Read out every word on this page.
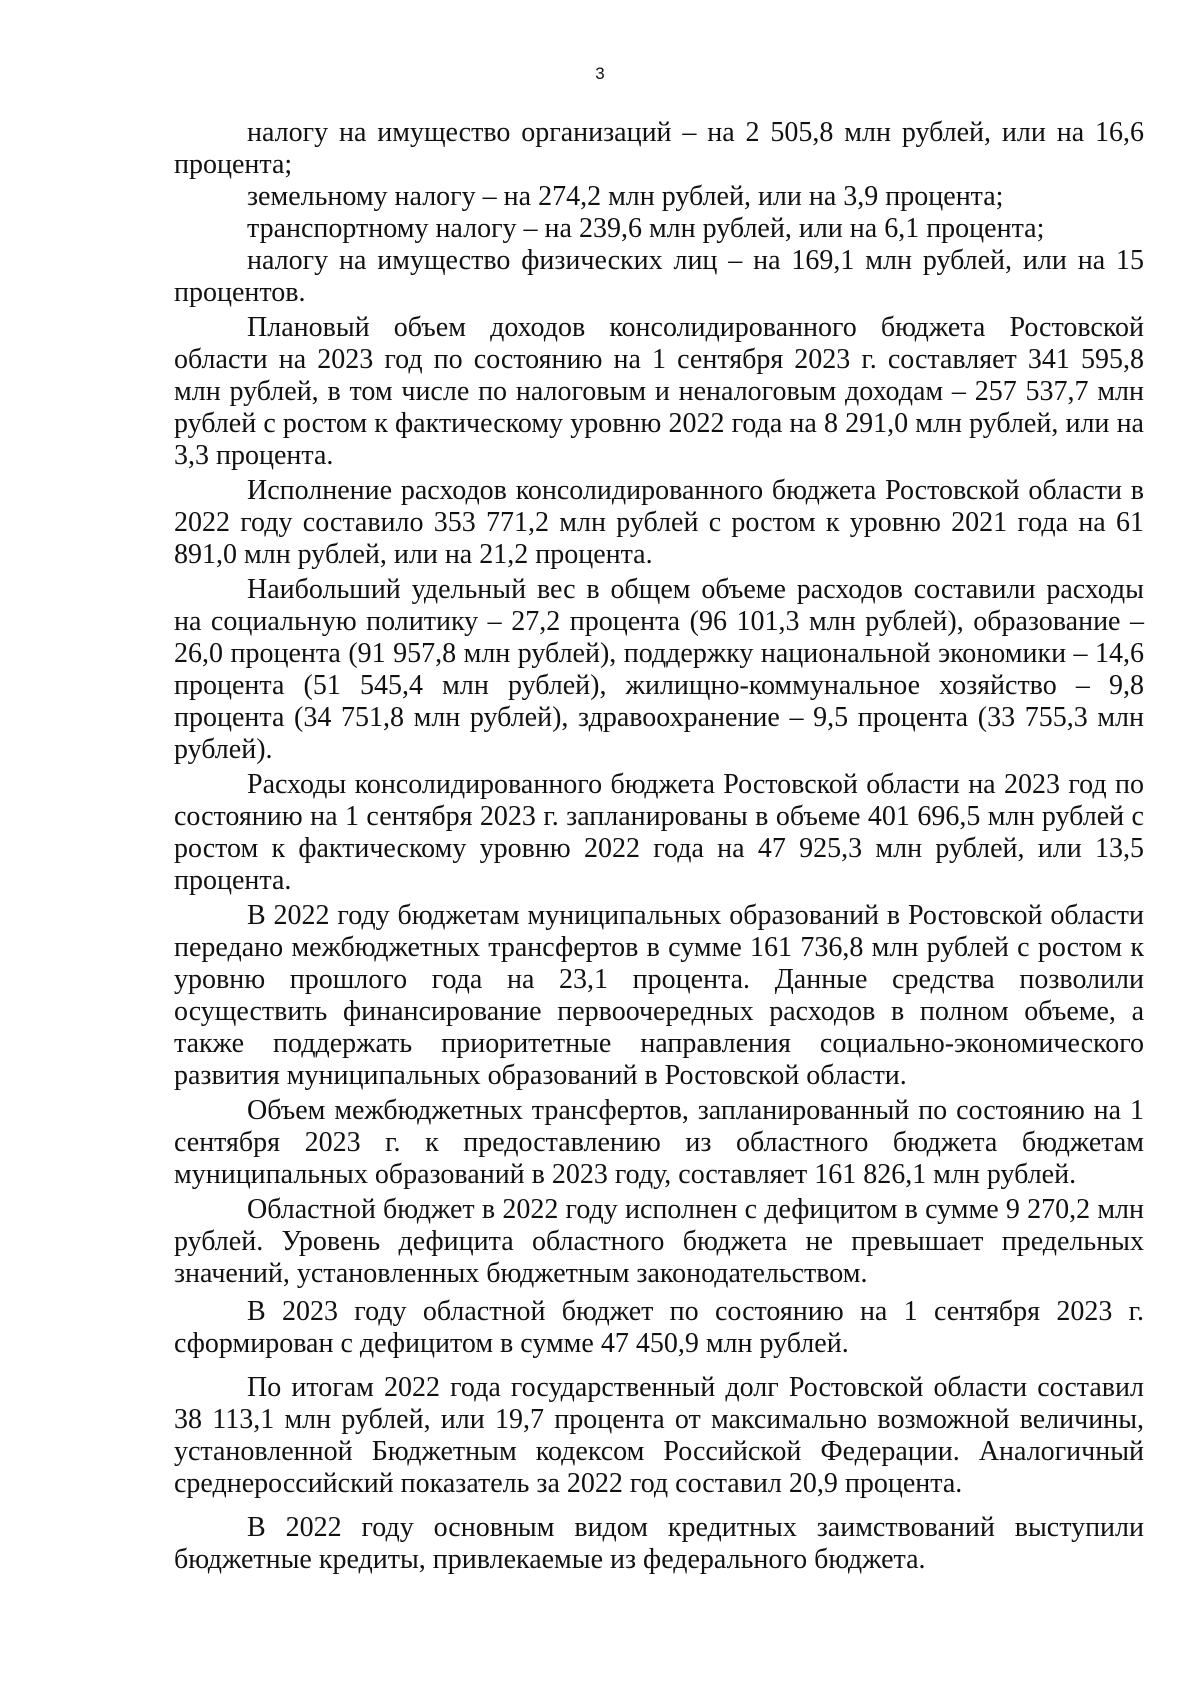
3

налогу на имущество организаций – на 2 505,8 млн рублей, или на 16,6 процента;

земельному налогу – на 274,2 млн рублей, или на 3,9 процента;

транспортному налогу – на 239,6 млн рублей, или на 6,1 процента;

налогу на имущество физических лиц – на 169,1 млн рублей, или на 15 процентов.

Плановый объем доходов консолидированного бюджета Ростовской области на 2023 год по состоянию на 1 сентября 2023 г. составляет 341 595,8 млн рублей, в том числе по налоговым и неналоговым доходам – 257 537,7 млн рублей с ростом к фактическому уровню 2022 года на 8 291,0 млн рублей, или на 3,3 процента.

Исполнение расходов консолидированного бюджета Ростовской области в 2022 году составило 353 771,2 млн рублей с ростом к уровню 2021 года на 61 891,0 млн рублей, или на 21,2 процента.

Наибольший удельный вес в общем объеме расходов составили расходы на социальную политику – 27,2 процента (96 101,3 млн рублей), образование – 26,0 процента (91 957,8 млн рублей), поддержку национальной экономики – 14,6 процента (51 545,4 млн рублей), жилищно-коммунальное хозяйство – 9,8 процента (34 751,8 млн рублей), здравоохранение – 9,5 процента (33 755,3 млн рублей).

Расходы консолидированного бюджета Ростовской области на 2023 год по состоянию на 1 сентября 2023 г. запланированы в объеме 401 696,5 млн рублей с ростом к фактическому уровню 2022 года на 47 925,3 млн рублей, или 13,5 процента.

В 2022 году бюджетам муниципальных образований в Ростовской области передано межбюджетных трансфертов в сумме 161 736,8 млн рублей с ростом к уровню прошлого года на 23,1 процента. Данные средства позволили осуществить финансирование первоочередных расходов в полном объеме, а также поддержать приоритетные направления социально-экономического развития муниципальных образований в Ростовской области.

Объем межбюджетных трансфертов, запланированный по состоянию на 1 сентября 2023 г. к предоставлению из областного бюджета бюджетам муниципальных образований в 2023 году, составляет 161 826,1 млн рублей.

Областной бюджет в 2022 году исполнен с дефицитом в сумме 9 270,2 млн рублей. Уровень дефицита областного бюджета не превышает предельных значений, установленных бюджетным законодательством.

В 2023 году областной бюджет по состоянию на 1 сентября 2023 г. сформирован с дефицитом в сумме 47 450,9 млн рублей.

По итогам 2022 года государственный долг Ростовской области составил 38 113,1 млн рублей, или 19,7 процента от максимально возможной величины, установленной Бюджетным кодексом Российской Федерации. Аналогичный среднероссийский показатель за 2022 год составил 20,9 процента.

В 2022 году основным видом кредитных заимствований выступили бюджетные кредиты, привлекаемые из федерального бюджета.
